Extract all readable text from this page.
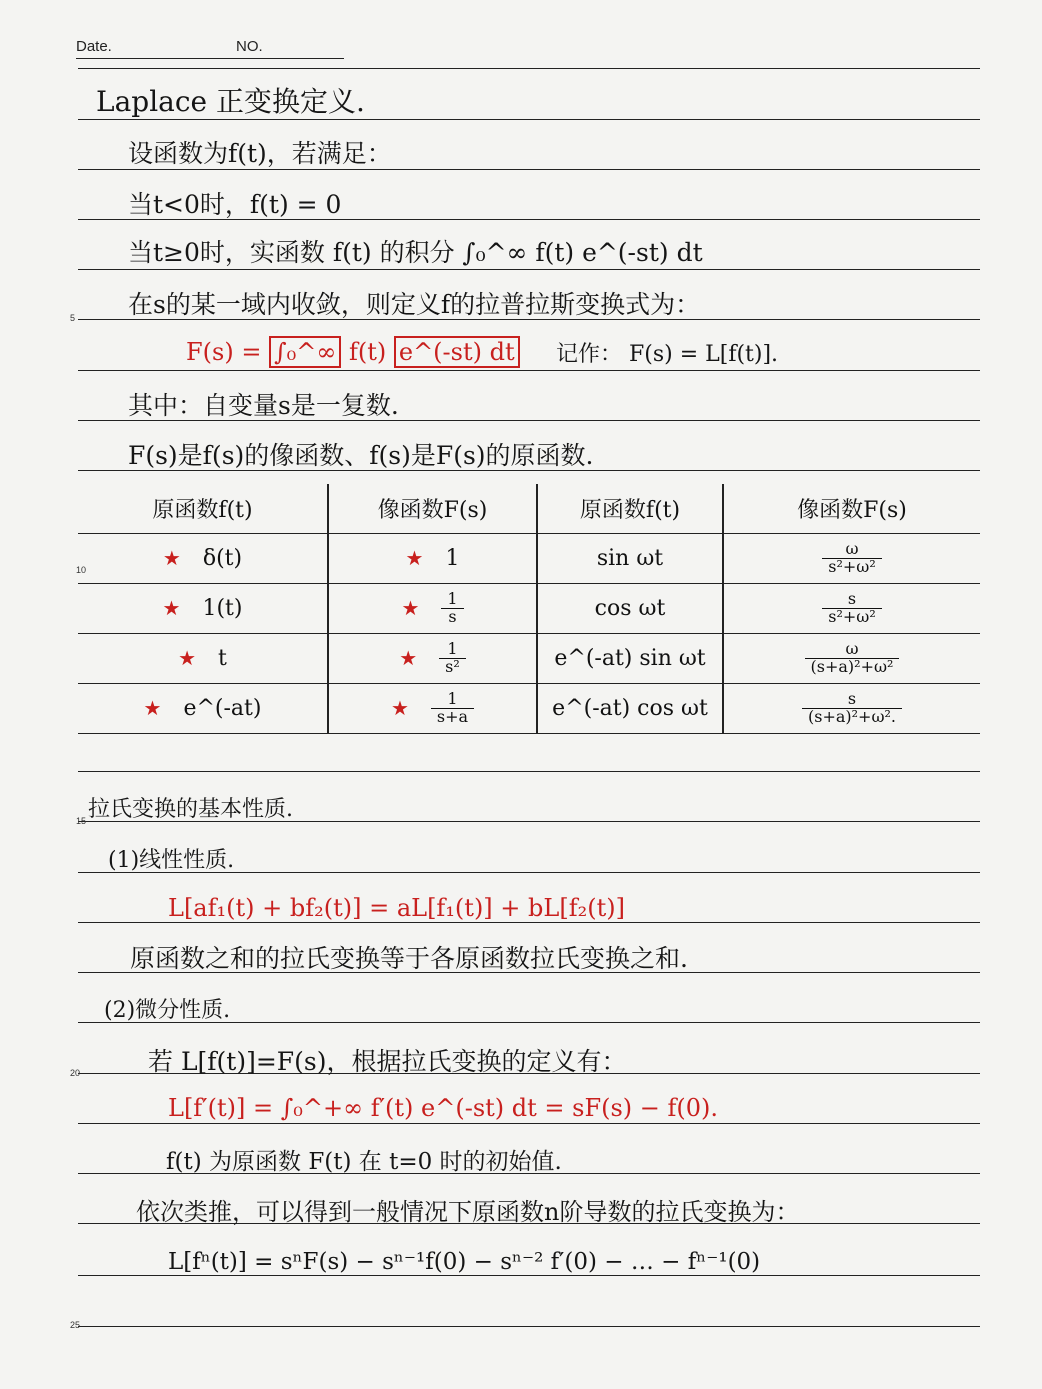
Date.	NO.
5
10
15
20
25
Laplace 正变换定义.
设函数为f(t)，若满足：
当t<0时，f(t) = 0
当t≥0时，实函数 f(t) 的积分 ∫₀^∞ f(t) e^(-st) dt
在s的某一域内收敛，则定义f的拉普拉斯变换式为：
F(s) = ∫₀^∞ f(t) e^(-st) dt 记作： F(s) = L[f(t)].
其中：自变量s是一复数.
F(s)是f(s)的像函数、f(s)是F(s)的原函数.
原函数f(t)	像函数F(s)	原函数f(t)	像函数F(s)
★ δ(t)	★ 1	sin ωt	$\frac{\omega}{\text{s²+ω²}}$

★ 1(t)	★ $\frac{1}{s}$	cos ωt	$\frac{s}{\text{s²+ω²}}$

★ t	★ $\frac{1}{\text{s²}}$	e^(-at) sin ωt	$\frac{\omega}{\text{(s+a)²+ω²}}$

★ e^(-at)	★ $\frac{1}{s+a}$	e^(-at) cos ωt	$\frac{s}{\text{(s+a)²+ω².}}$
拉氏变换的基本性质.
(1)线性性质.
L[af₁(t) + bf₂(t)] = aL[f₁(t)] + bL[f₂(t)]
原函数之和的拉氏变换等于各原函数拉氏变换之和.
(2)微分性质.
若 L[f(t)]=F(s)，根据拉氏变换的定义有：
L[f′(t)] = ∫₀^+∞ f′(t) e^(-st) dt = sF(s) − f(0).
f(t) 为原函数 F(t) 在 t=0 时的初始值.
依次类推，可以得到一般情况下原函数n阶导数的拉氏变换为：
L[fⁿ(t)] = sⁿF(s) − sⁿ⁻¹f(0) − sⁿ⁻² f′(0) − … − fⁿ⁻¹(0)
